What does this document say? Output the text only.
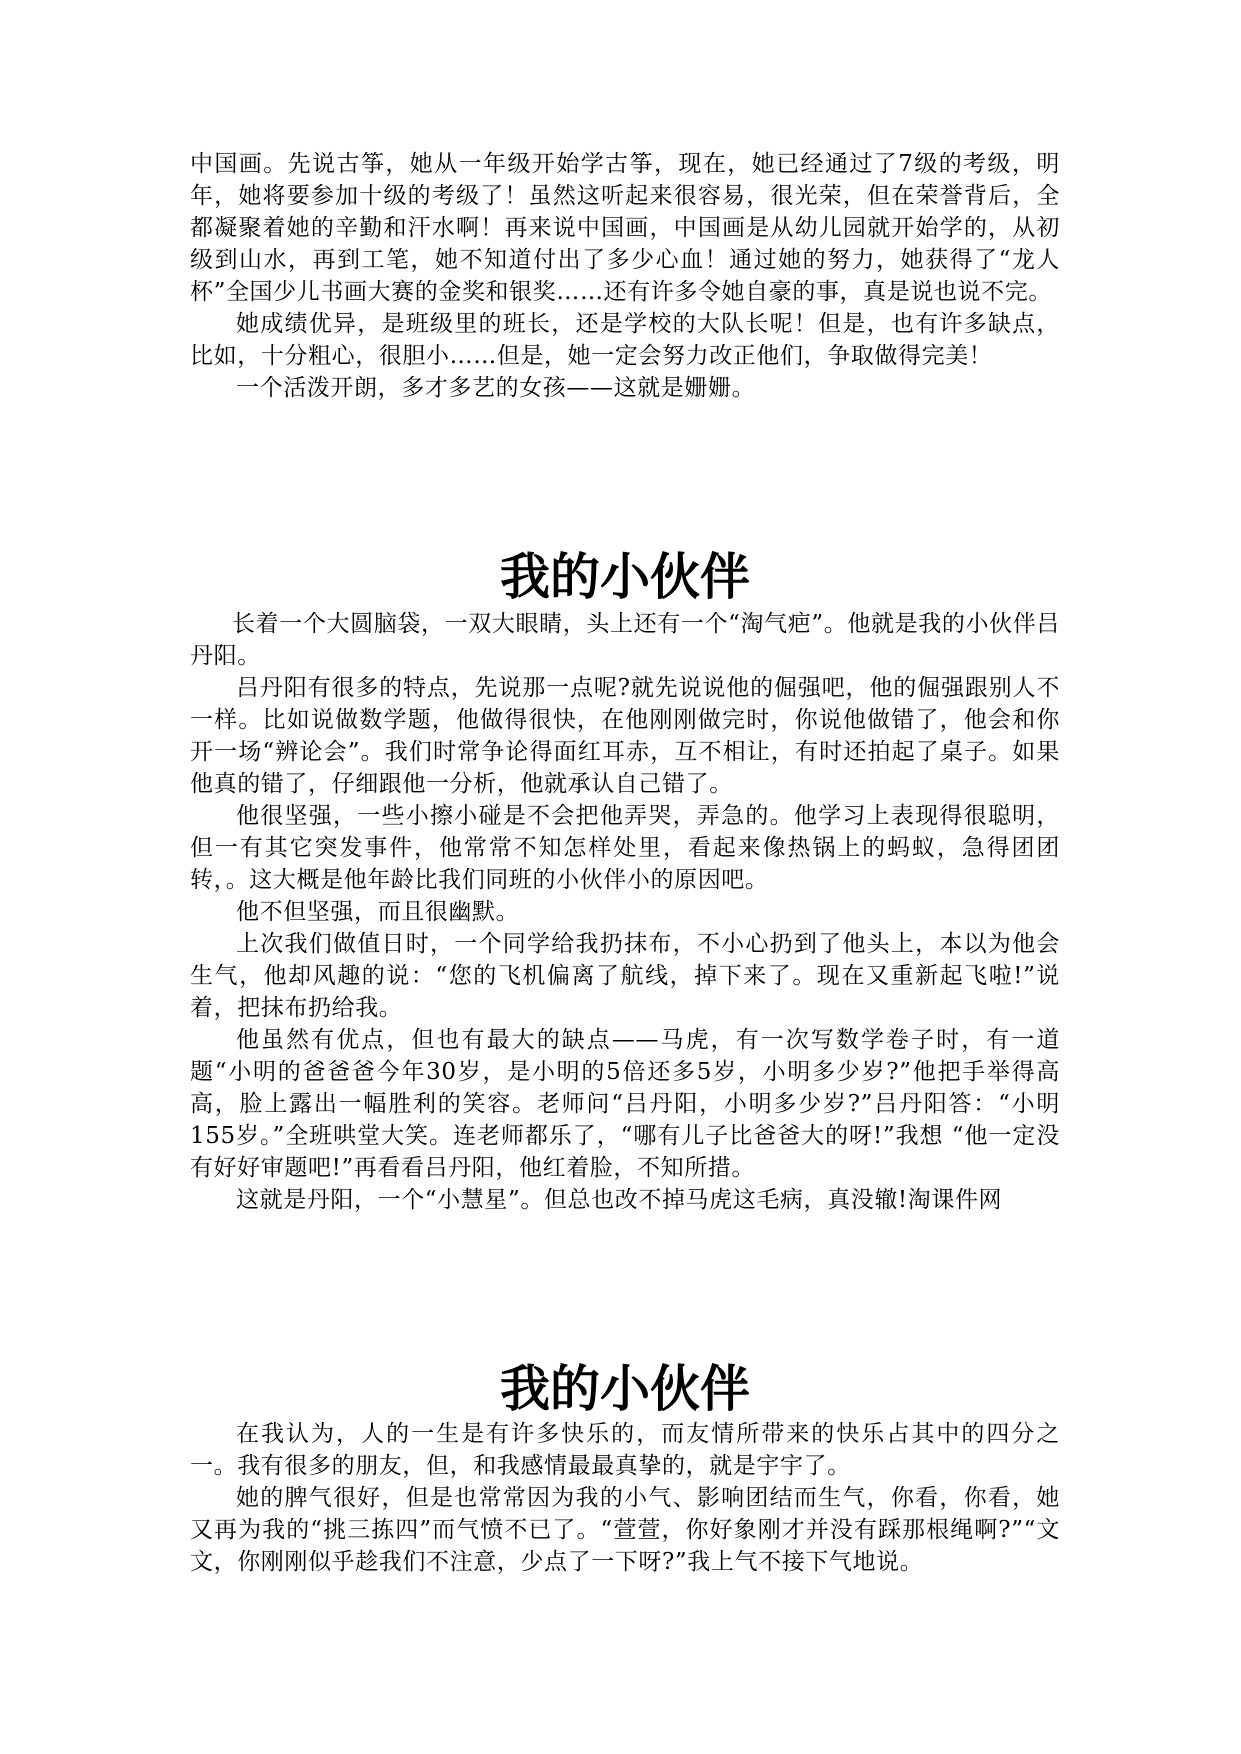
中国画。先说古筝，她从一年级开始学古筝，现在，她已经通过了7级的考级，明年，她将要参加十级的考级了！虽然这听起来很容易，很光荣，但在荣誉背后，全都凝聚着她的辛勤和汗水啊！再来说中国画，中国画是从幼儿园就开始学的，从初级到山水，再到工笔，她不知道付出了多少心血！通过她的努力，她获得了“龙人杯”全国少儿书画大赛的金奖和银奖……还有许多令她自豪的事，真是说也说不完。

她成绩优异，是班级里的班长，还是学校的大队长呢！但是，也有许多缺点，比如，十分粗心，很胆小……但是，她一定会努力改正他们，争取做得完美！

一个活泼开朗，多才多艺的女孩——这就是姗姗。

我的小伙伴

长着一个大圆脑袋，一双大眼睛，头上还有一个“淘气疤”。他就是我的小伙伴吕丹阳。

吕丹阳有很多的特点，先说那一点呢?就先说说他的倔强吧，他的倔强跟别人不一样。比如说做数学题，他做得很快，在他刚刚做完时，你说他做错了，他会和你开一场“辨论会”。我们时常争论得面红耳赤，互不相让，有时还拍起了桌子。如果他真的错了，仔细跟他一分析，他就承认自己错了。

他很坚强，一些小擦小碰是不会把他弄哭，弄急的。他学习上表现得很聪明，但一有其它突发事件，他常常不知怎样处里，看起来像热锅上的蚂蚁，急得团团转，。这大概是他年龄比我们同班的小伙伴小的原因吧。

他不但坚强，而且很幽默。

上次我们做值日时，一个同学给我扔抹布，不小心扔到了他头上，本以为他会生气，他却风趣的说：“您的飞机偏离了航线，掉下来了。现在又重新起飞啦!”说着，把抹布扔给我。

他虽然有优点，但也有最大的缺点——马虎，有一次写数学卷子时，有一道题“小明的爸爸爸今年30岁，是小明的5倍还多5岁，小明多少岁?”他把手举得高高，脸上露出一幅胜利的笑容。老师问“吕丹阳，小明多少岁?”吕丹阳答：“小明155岁。”全班哄堂大笑。连老师都乐了，“哪有儿子比爸爸大的呀!”我想 “他一定没有好好审题吧!”再看看吕丹阳，他红着脸，不知所措。

这就是丹阳，一个“小慧星”。但总也改不掉马虎这毛病，真没辙!淘课件网

我的小伙伴

在我认为，人的一生是有许多快乐的，而友情所带来的快乐占其中的四分之一。我有很多的朋友，但，和我感情最最真挚的，就是宇宇了。

她的脾气很好，但是也常常因为我的小气、影响团结而生气，你看，你看，她又再为我的“挑三拣四”而气愤不已了。“萱萱，你好象刚才并没有踩那根绳啊?”“文文，你刚刚似乎趁我们不注意，少点了一下呀?”我上气不接下气地说。
